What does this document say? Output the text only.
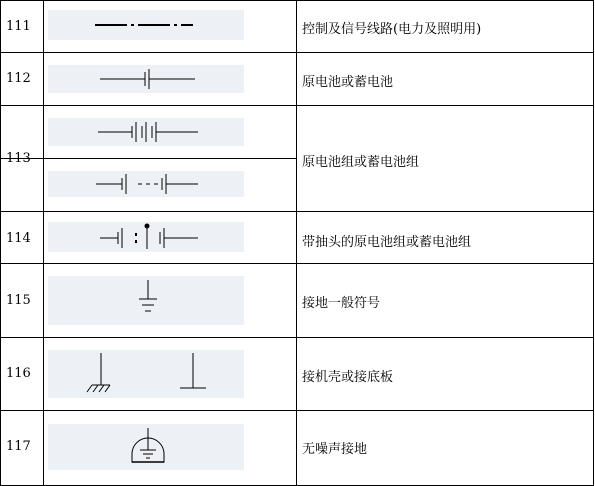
111	控制及信号线路(电力及照明用)
112	原电池或蓄电池
113	原电池组或蓄电池组
114	带抽头的原电池组或蓄电池组
115	接地一般符号
116	接机壳或接底板
117	无噪声接地
